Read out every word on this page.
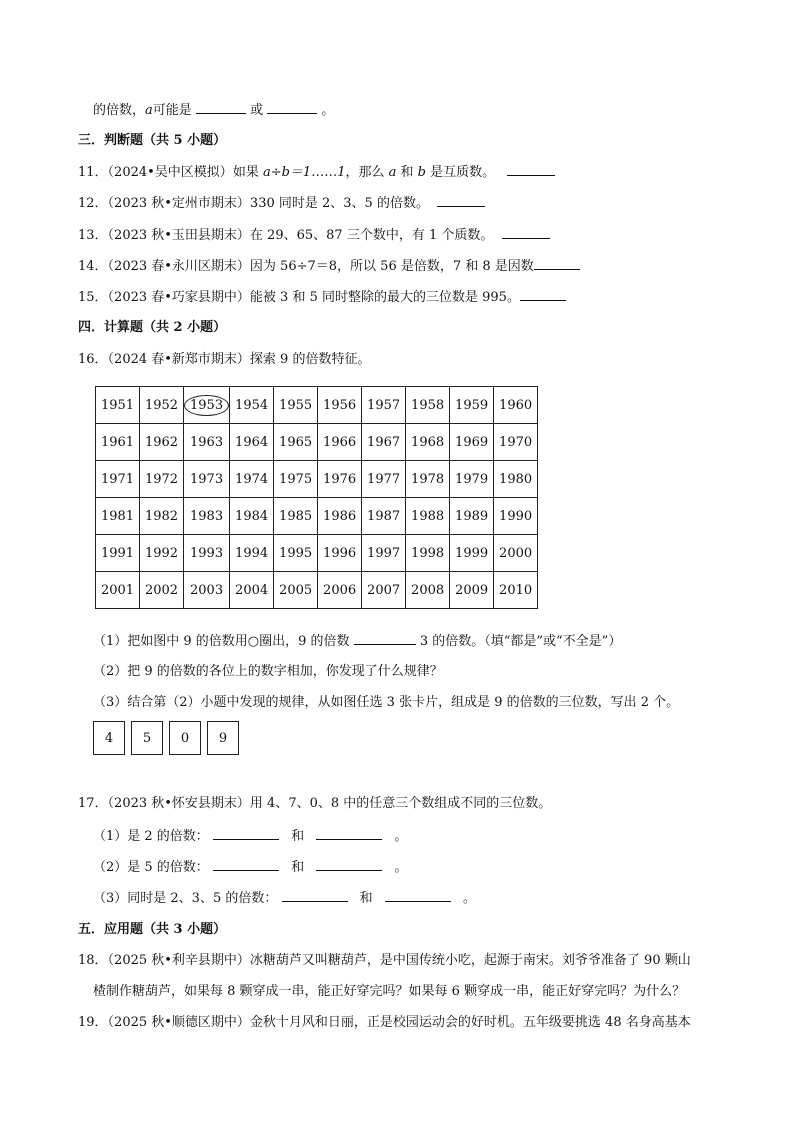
的倍数，a可能是	或	。
三．判断题（共 5 小题）
11．（2024•吴中区模拟）如果 a÷b＝1……1，那么 a 和 b 是互质数。
12．（2023 秋•定州市期末）330 同时是 2、3、5 的倍数。
13．（2023 秋•玉田县期末）在 29、65、87 三个数中，有 1 个质数。
14．（2023 春•永川区期末）因为 56÷7＝8，所以 56 是倍数，7 和 8 是因数
15．（2023 春•巧家县期中）能被 3 和 5 同时整除的最大的三位数是 995。
四．计算题（共 2 小题）
16．（2024 春•新郑市期末）探索 9 的倍数特征。
1951	1952	1953	1954	1955	1956	1957	1958	1959	1960
1961	1962	1963	1964	1965	1966	1967	1968	1969	1970
1971	1972	1973	1974	1975	1976	1977	1978	1979	1980
1981	1982	1983	1984	1985	1986	1987	1988	1989	1990
1991	1992	1993	1994	1995	1996	1997	1998	1999	2000
2001	2002	2003	2004	2005	2006	2007	2008	2009	2010
（1）把如图中 9 的倍数用○圈出，9 的倍数	3 的倍数。（填“都是”或“不全是”）
（2）把 9 的倍数的各位上的数字相加，你发现了什么规律？
（3）结合第（2）小题中发现的规律，从如图任选 3 张卡片，组成是 9 的倍数的三位数，写出 2 个。
4	5	0	9
17．（2023 秋•怀安县期末）用 4、7、0、8 中的任意三个数组成不同的三位数。
（1）是 2 的倍数：	和	。
（2）是 5 的倍数：	和	。
（3）同时是 2、3、5 的倍数：	和	。
五．应用题（共 3 小题）
18．（2025 秋•利辛县期中）冰糖葫芦又叫糖葫芦，是中国传统小吃，起源于南宋。刘爷爷准备了 90 颗山
楂制作糖葫芦，如果每 8 颗穿成一串，能正好穿完吗？如果每 6 颗穿成一串，能正好穿完吗？为什么？
19．（2025 秋•顺德区期中）金秋十月风和日丽，正是校园运动会的好时机。五年级要挑选 48 名身高基本
